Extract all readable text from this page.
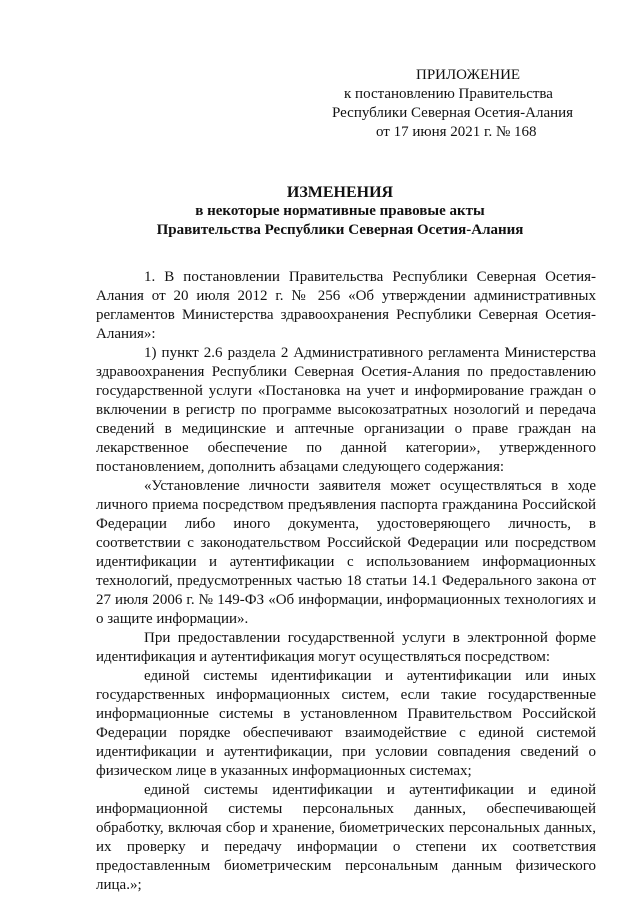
ПРИЛОЖЕНИЕ
к постановлению Правительства
Республики Северная Осетия-Алания
от 17 июня 2021 г. № 168
ИЗМЕНЕНИЯ
в некоторые нормативные правовые акты
Правительства Республики Северная Осетия-Алания

1. В постановлении Правительства Республики Северная Осетия-Алания от 20 июля 2012 г. № 256 «Об утверждении административных регламентов Министерства здравоохранения Республики Северная Осетия-Алания»:

1) пункт 2.6 раздела 2 Административного регламента Министерства здравоохранения Республики Северная Осетия-Алания по предоставлению государственной услуги «Постановка на учет и информирование граждан о включении в регистр по программе высокозатратных нозологий и передача сведений в медицинские и аптечные организации о праве граждан на лекарственное обеспечение по данной категории», утвержденного постановлением, дополнить абзацами следующего содержания:

«Установление личности заявителя может осуществляться в ходе личного приема посредством предъявления паспорта гражданина Российской Федерации либо иного документа, удостоверяющего личность, в соответствии с законодательством Российской Федерации или посредством идентификации и аутентификации с использованием информационных технологий, предусмотренных частью 18 статьи 14.1 Федерального закона от 27 июля 2006 г. № 149-ФЗ «Об информации, информационных технологиях и о защите информации».

При предоставлении государственной услуги в электронной форме идентификация и аутентификация могут осуществляться посредством:

единой системы идентификации и аутентификации или иных государственных информационных систем, если такие государственные информационные системы в установленном Правительством Российской Федерации порядке обеспечивают взаимодействие с единой системой идентификации и аутентификации, при условии совпадения сведений о физическом лице в указанных информационных системах;

единой системы идентификации и аутентификации и единой информационной системы персональных данных, обеспечивающей обработку, включая сбор и хранение, биометрических персональных данных, их проверку и передачу информации о степени их соответствия предоставленным биометрическим персональным данным физического лица.»;
